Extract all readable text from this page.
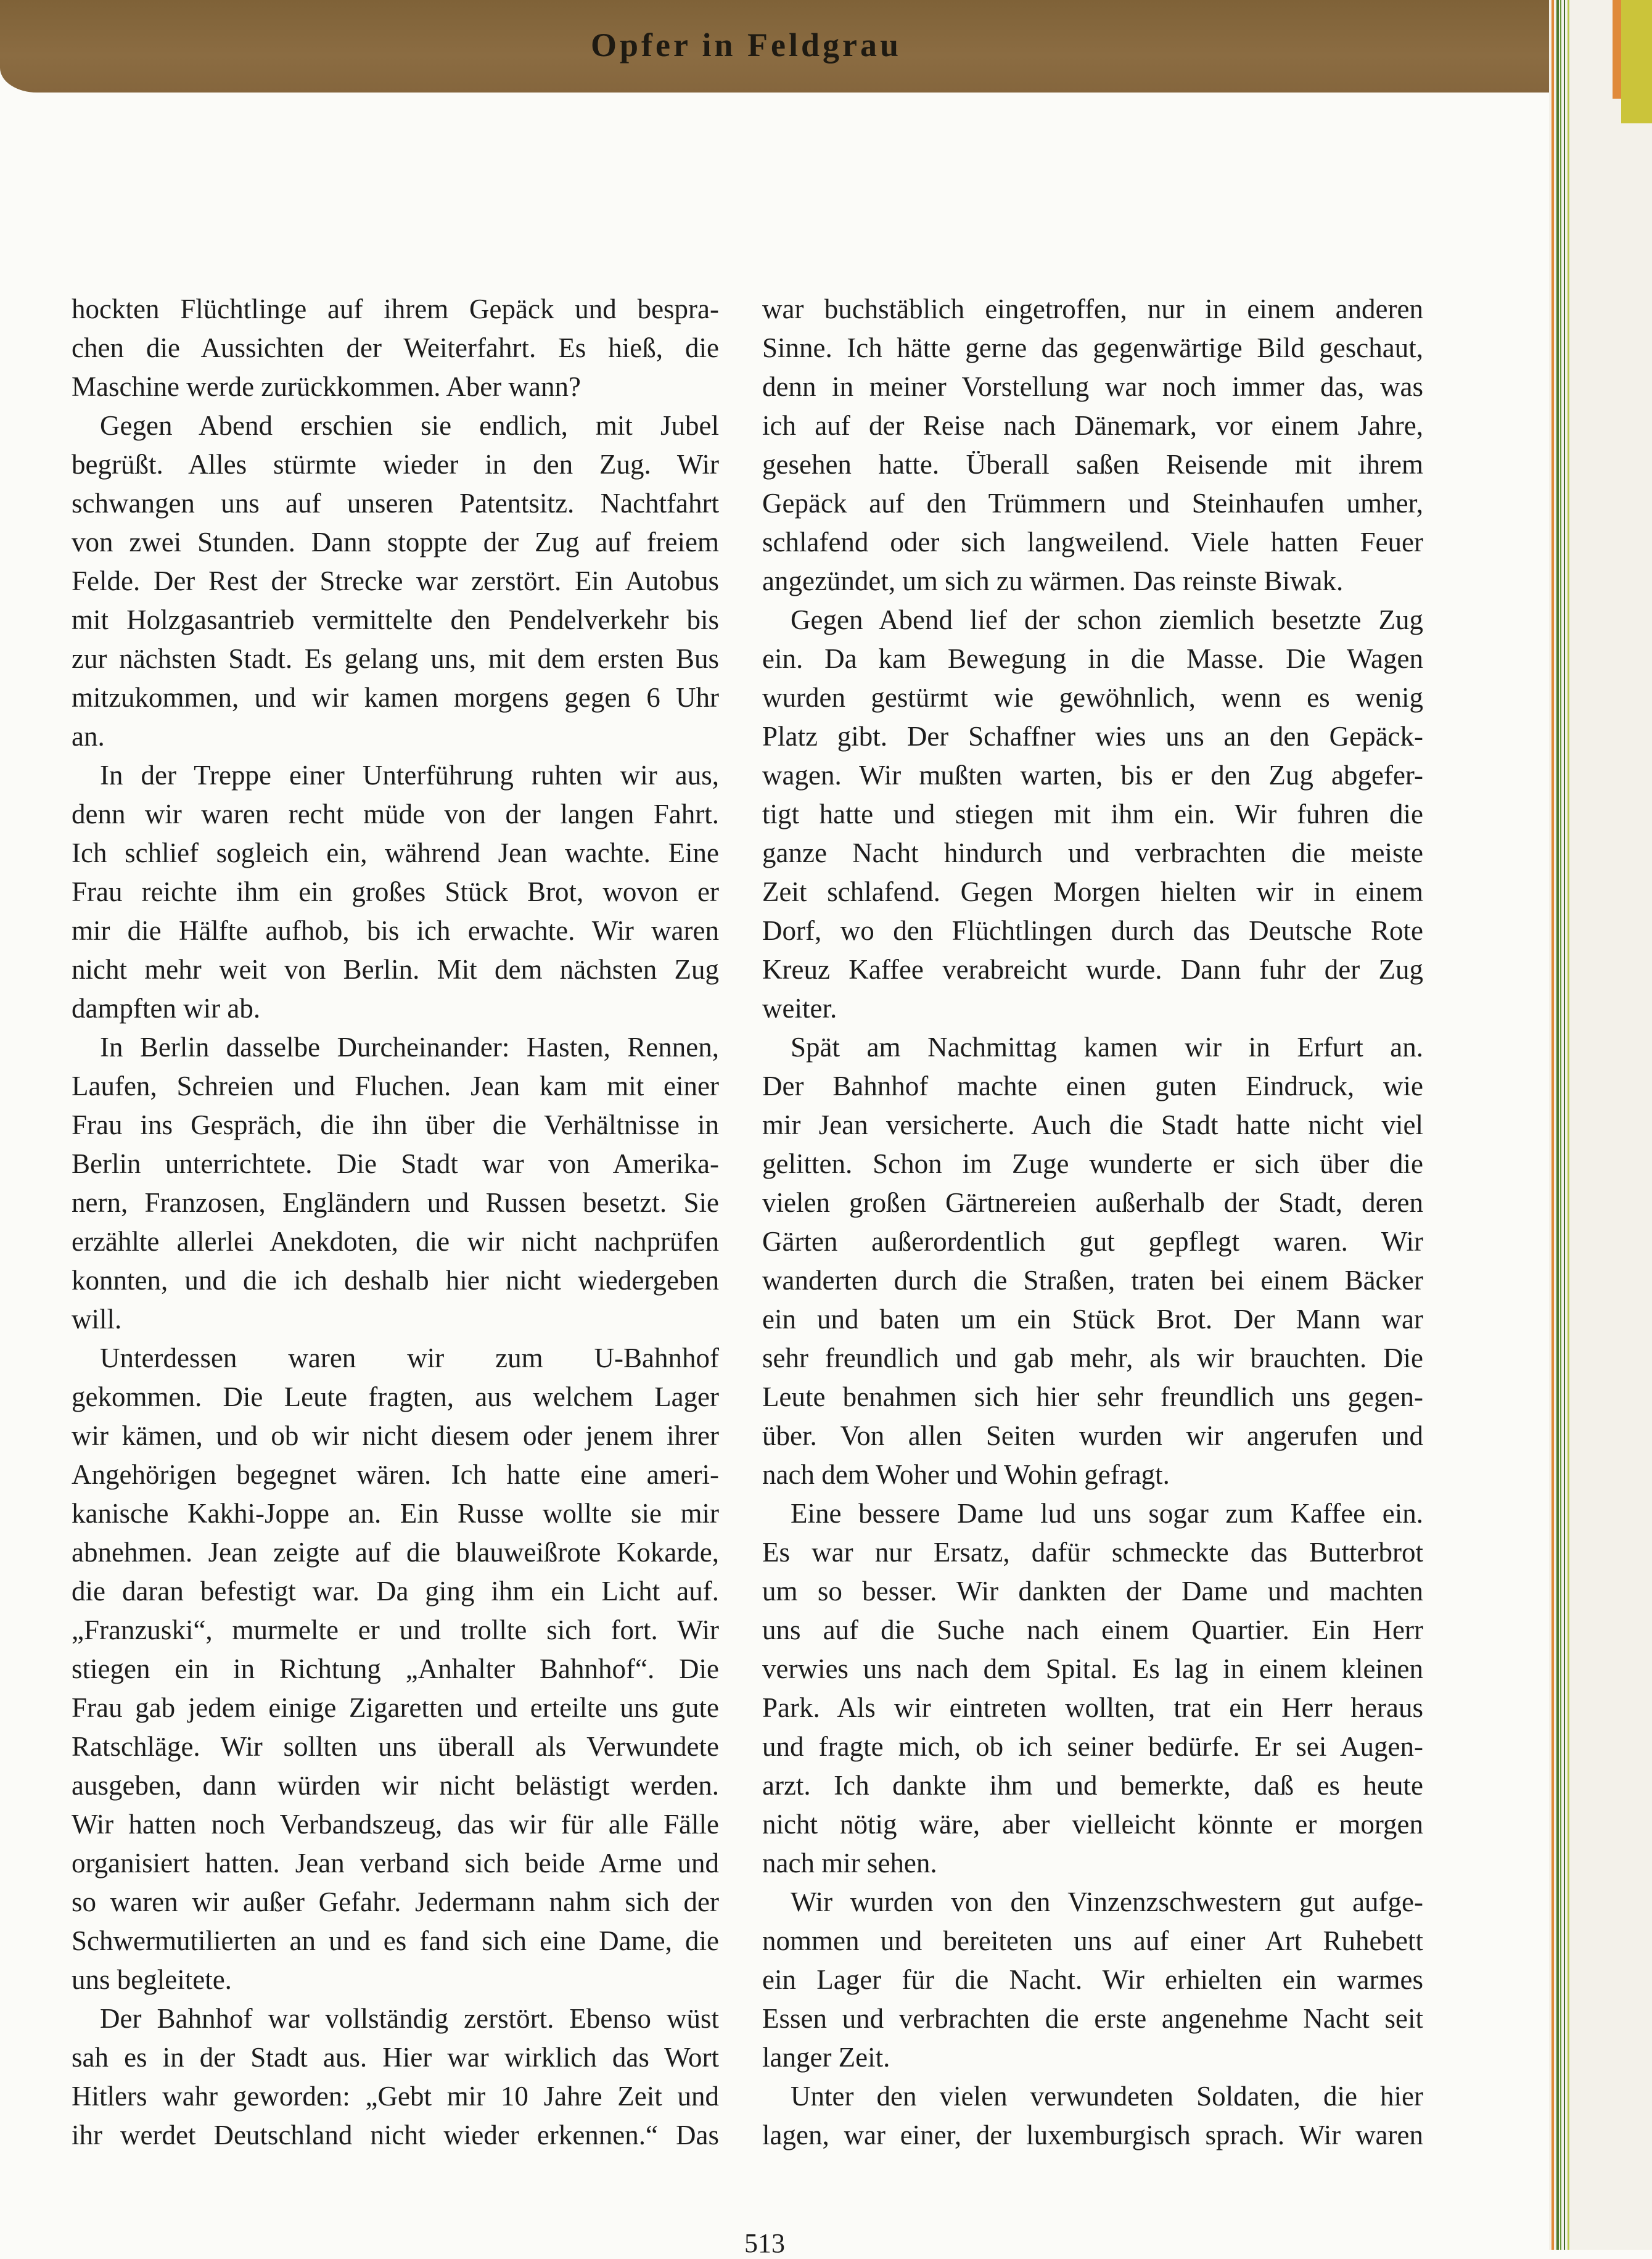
Opfer in Feldgrau
hockten Flüchtlinge auf ihrem Gepäck und bespra-
chen die Aussichten der Weiterfahrt. Es hieß, die
Maschine werde zurückkommen. Aber wann?
Gegen Abend erschien sie endlich, mit Jubel
begrüßt. Alles stürmte wieder in den Zug. Wir
schwangen uns auf unseren Patentsitz. Nachtfahrt
von zwei Stunden. Dann stoppte der Zug auf freiem
Felde. Der Rest der Strecke war zerstört. Ein Autobus
mit Holzgasantrieb vermittelte den Pendelverkehr bis
zur nächsten Stadt. Es gelang uns, mit dem ersten Bus
mitzukommen, und wir kamen morgens gegen 6 Uhr
an.
In der Treppe einer Unterführung ruhten wir aus,
denn wir waren recht müde von der langen Fahrt.
Ich schlief sogleich ein, während Jean wachte. Eine
Frau reichte ihm ein großes Stück Brot, wovon er
mir die Hälfte aufhob, bis ich erwachte. Wir waren
nicht mehr weit von Berlin. Mit dem nächsten Zug
dampften wir ab.
In Berlin dasselbe Durcheinander: Hasten, Rennen,
Laufen, Schreien und Fluchen. Jean kam mit einer
Frau ins Gespräch, die ihn über die Verhältnisse in
Berlin unterrichtete. Die Stadt war von Amerika-
nern, Franzosen, Engländern und Russen besetzt. Sie
erzählte allerlei Anekdoten, die wir nicht nachprüfen
konnten, und die ich deshalb hier nicht wiedergeben
will.
Unterdessen waren wir zum U-Bahnhof
gekommen. Die Leute fragten, aus welchem Lager
wir kämen, und ob wir nicht diesem oder jenem ihrer
Angehörigen begegnet wären. Ich hatte eine ameri-
kanische Kakhi-Joppe an. Ein Russe wollte sie mir
abnehmen. Jean zeigte auf die blauweißrote Kokarde,
die daran befestigt war. Da ging ihm ein Licht auf.
„Franzuski“, murmelte er und trollte sich fort. Wir
stiegen ein in Richtung „Anhalter Bahnhof“. Die
Frau gab jedem einige Zigaretten und erteilte uns gute
Ratschläge. Wir sollten uns überall als Verwundete
ausgeben, dann würden wir nicht belästigt werden.
Wir hatten noch Verbandszeug, das wir für alle Fälle
organisiert hatten. Jean verband sich beide Arme und
so waren wir außer Gefahr. Jedermann nahm sich der
Schwermutilierten an und es fand sich eine Dame, die
uns begleitete.
Der Bahnhof war vollständig zerstört. Ebenso wüst
sah es in der Stadt aus. Hier war wirklich das Wort
Hitlers wahr geworden: „Gebt mir 10 Jahre Zeit und
ihr werdet Deutschland nicht wieder erkennen.“ Das
war buchstäblich eingetroffen, nur in einem anderen
Sinne. Ich hätte gerne das gegenwärtige Bild geschaut,
denn in meiner Vorstellung war noch immer das, was
ich auf der Reise nach Dänemark, vor einem Jahre,
gesehen hatte. Überall saßen Reisende mit ihrem
Gepäck auf den Trümmern und Steinhaufen umher,
schlafend oder sich langweilend. Viele hatten Feuer
angezündet, um sich zu wärmen. Das reinste Biwak.
Gegen Abend lief der schon ziemlich besetzte Zug
ein. Da kam Bewegung in die Masse. Die Wagen
wurden gestürmt wie gewöhnlich, wenn es wenig
Platz gibt. Der Schaffner wies uns an den Gepäck-
wagen. Wir mußten warten, bis er den Zug abgefer-
tigt hatte und stiegen mit ihm ein. Wir fuhren die
ganze Nacht hindurch und verbrachten die meiste
Zeit schlafend. Gegen Morgen hielten wir in einem
Dorf, wo den Flüchtlingen durch das Deutsche Rote
Kreuz Kaffee verabreicht wurde. Dann fuhr der Zug
weiter.
Spät am Nachmittag kamen wir in Erfurt an.
Der Bahnhof machte einen guten Eindruck, wie
mir Jean versicherte. Auch die Stadt hatte nicht viel
gelitten. Schon im Zuge wunderte er sich über die
vielen großen Gärtnereien außerhalb der Stadt, deren
Gärten außerordentlich gut gepflegt waren. Wir
wanderten durch die Straßen, traten bei einem Bäcker
ein und baten um ein Stück Brot. Der Mann war
sehr freundlich und gab mehr, als wir brauchten. Die
Leute benahmen sich hier sehr freundlich uns gegen-
über. Von allen Seiten wurden wir angerufen und
nach dem Woher und Wohin gefragt.
Eine bessere Dame lud uns sogar zum Kaffee ein.
Es war nur Ersatz, dafür schmeckte das Butterbrot
um so besser. Wir dankten der Dame und machten
uns auf die Suche nach einem Quartier. Ein Herr
verwies uns nach dem Spital. Es lag in einem kleinen
Park. Als wir eintreten wollten, trat ein Herr heraus
und fragte mich, ob ich seiner bedürfe. Er sei Augen-
arzt. Ich dankte ihm und bemerkte, daß es heute
nicht nötig wäre, aber vielleicht könnte er morgen
nach mir sehen.
Wir wurden von den Vinzenzschwestern gut aufge-
nommen und bereiteten uns auf einer Art Ruhebett
ein Lager für die Nacht. Wir erhielten ein warmes
Essen und verbrachten die erste angenehme Nacht seit
langer Zeit.
Unter den vielen verwundeten Soldaten, die hier
lagen, war einer, der luxemburgisch sprach. Wir waren
513
